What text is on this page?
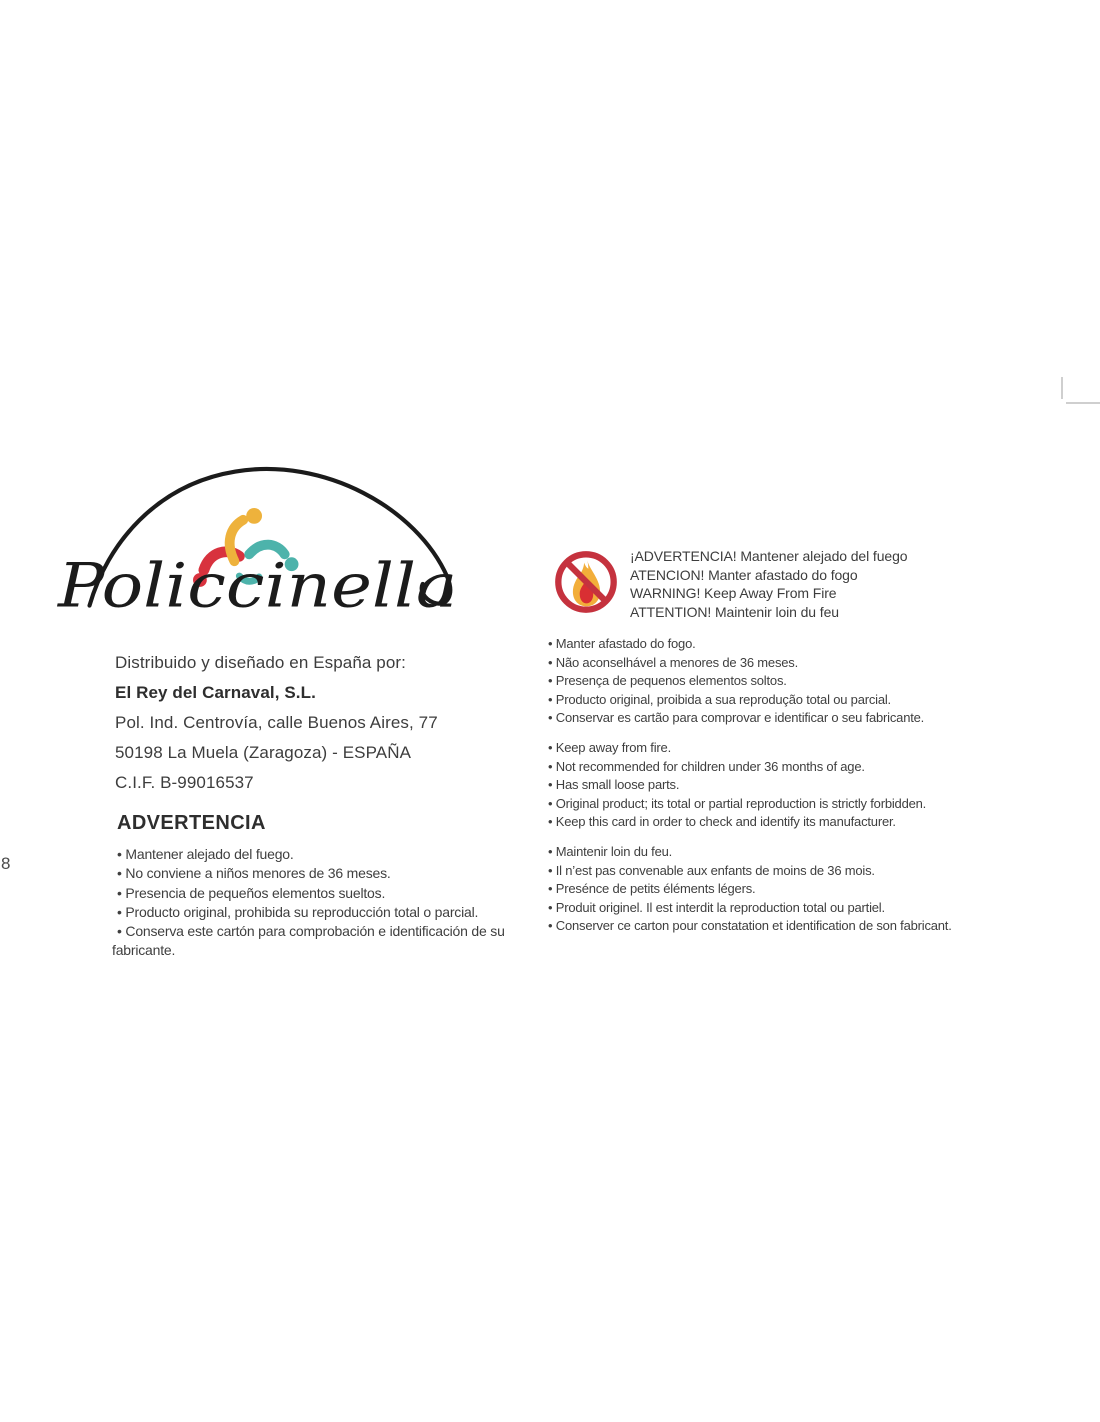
Policcinella
Distribuido y diseñado en España por:
El Rey del Carnaval, S.L.
Pol. Ind. Centrovía, calle Buenos Aires, 77
50198 La Muela (Zaragoza) - ESPAÑA
C.I.F. B-99016537
ADVERTENCIA
• Mantener alejado del fuego.
• No conviene a niños menores de 36 meses.
• Presencia de pequeños elementos sueltos.
• Producto original, prohibida su reproducción total o parcial.
• Conserva este cartón para comprobación e identificación de su fabricante.
¡ADVERTENCIA! Mantener alejado del fuego
ATENCION! Manter afastado do fogo
WARNING! Keep Away From Fire
ATTENTION! Maintenir loin du feu
• Manter afastado do fogo.
• Não aconselhável a menores de 36 meses.
• Presença de pequenos elementos soltos.
• Producto original, proibida a sua reprodução total ou parcial.
• Conservar es cartão para comprovar e identificar o seu fabricante.
• Keep away from fire.
• Not recommended for children under 36 months of age.
• Has small loose parts.
• Original product; its total or partial reproduction is strictly forbidden.
• Keep this card in order to check and identify its manufacturer.
• Maintenir loin du feu.
• Il n’est pas convenable aux enfants de moins de 36 mois.
• Presénce de petits éléments légers.
• Produit originel. Il est interdit la reproduction total ou partiel.
• Conserver ce carton pour constatation et identification de son fabricant.
8
